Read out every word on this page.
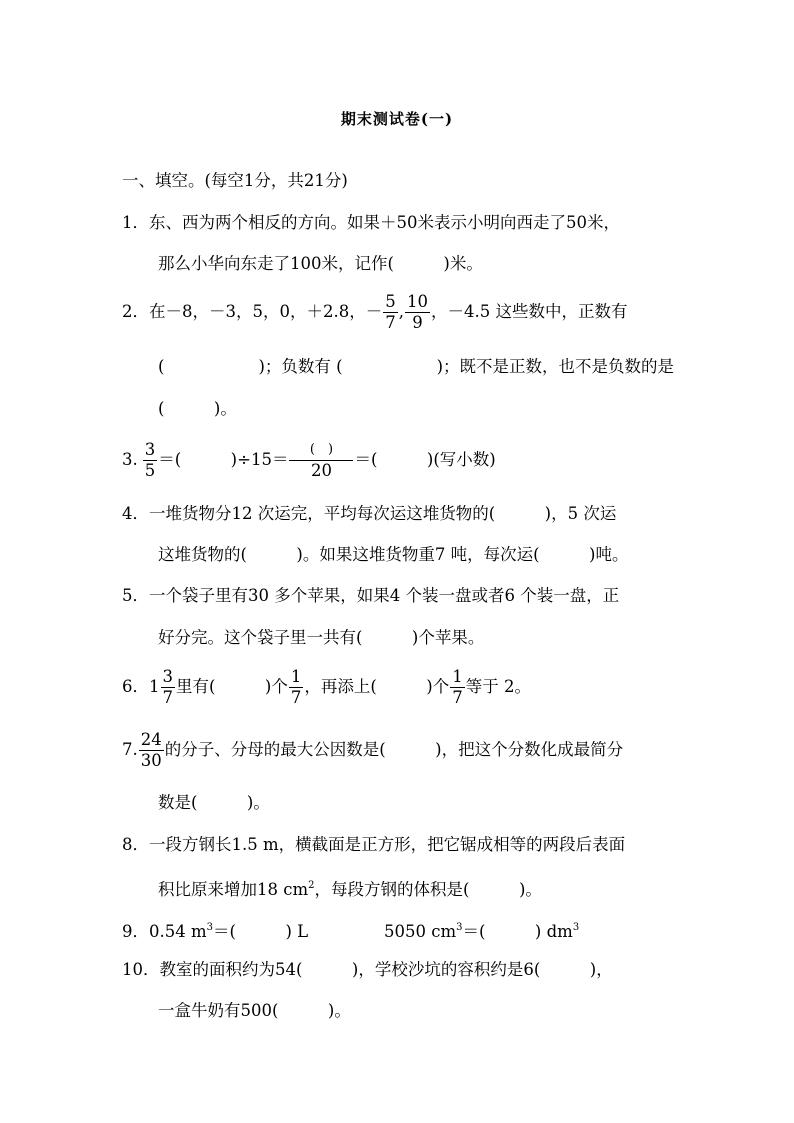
期末测试卷(一)
一、填空。(每空1分，共21分)
1．东、西为两个相反的方向。如果＋50米表示小明向西走了50米，
那么小华向东走了100米，记作(　　　)米。
2．在－8，－3，5，0，＋2.8，－ $\frac{5}{7}$ , $\frac{10}{9}$ ，－4.5 这些数中，正数有
(	)；负数有 (	)；既不是正数，也不是负数的是
(　　　)。
3. $\frac{3}{5}$ ＝(　　　)$\div 15= \frac{( )}{20}$ ＝(　　　)(写小数)
4．一堆货物分12 次运完，平均每次运这堆货物的(　　　)，5 次运
这堆货物的(　　　)。如果这堆货物重7 吨，每次运(　　　)吨。
5．一个袋子里有30 多个苹果，如果4 个装一盘或者6 个装一盘，正
好分完。这个袋子里一共有(　　　)个苹果。
6．$1 \frac{3}{7}$ 里有(　　　)个 $\frac{1}{7}$ ，再添上(　　　)个 $\frac{1}{7}$ 等于 2。
7. $\frac{24}{30}$ 的分子、分母的最大公因数是(　　　)，把这个分数化成最简分
数是(　　　)。
8．一段方钢长1.5 m，横截面是正方形，把它锯成相等的两段后表面
积比原来增加18 $cm^2$，每段方钢的体积是(　　　)。
9．0.54 $m^3=$(　　　) L	5050 $cm^3=$(　　　) $dm^3$
10．教室的面积约为54(　　　)，学校沙坑的容积约是6(　　　)，
一盒牛奶有500(　　　)。
